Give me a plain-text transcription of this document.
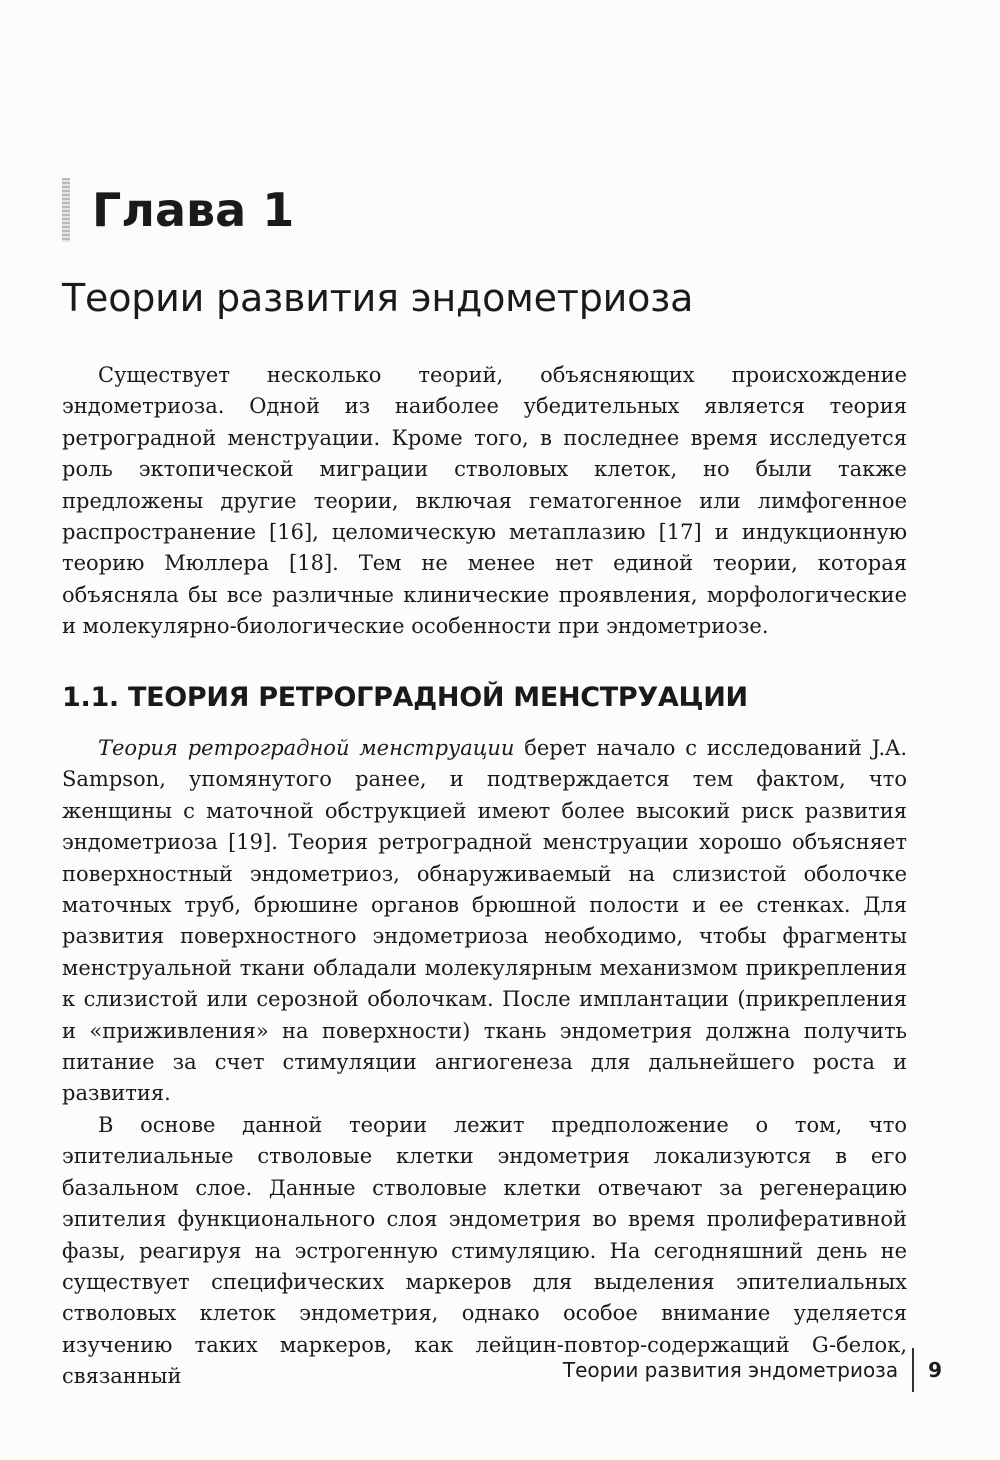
Глава 1
Теории развития эндометриоза

Существует несколько теорий, объясняющих происхождение эндометриоза. Одной из наиболее убедительных является теория ретроградной менструации. Кроме того, в последнее время исследуется роль эктопической миграции стволовых клеток, но были также предложены другие теории, включая гематогенное или лимфогенное распространение [16], целомическую метаплазию [17] и индукционную теорию Мюллера [18]. Тем не менее нет единой теории, которая объясняла бы все различные клинические проявления, морфологические и молекулярно-биологические особенности при эндометриозе.

1.1. ТЕОРИЯ РЕТРОГРАДНОЙ МЕНСТРУАЦИИ

Теория ретроградной менструации берет начало с исследований J.A. Sampson, упомянутого ранее, и подтверждается тем фактом, что женщины с маточной обструкцией имеют более высокий риск развития эндометриоза [19]. Теория ретроградной менструации хорошо объясняет поверхностный эндометриоз, обнаруживаемый на слизистой оболочке маточных труб, брюшине органов брюшной полости и ее стенках. Для развития поверхностного эндометриоза необходимо, чтобы фрагменты менструальной ткани обладали молекулярным механизмом прикрепления к слизистой или серозной оболочкам. После имплантации (прикрепления и «приживления» на поверхности) ткань эндометрия должна получить питание за счет стимуляции ангиогенеза для дальнейшего роста и развития.

В основе данной теории лежит предположение о том, что эпителиальные стволовые клетки эндометрия локализуются в его базальном слое. Данные стволовые клетки отвечают за регенерацию эпителия функционального слоя эндометрия во время пролиферативной фазы, реагируя на эстрогенную стимуляцию. На сегодняшний день не существует специфических маркеров для выделения эпителиальных стволовых клеток эндометрия, однако особое внимание уделяется изучению таких маркеров, как лейцин-повтор-содержащий G-белок, связанный	Теории развития эндометриоза	9
